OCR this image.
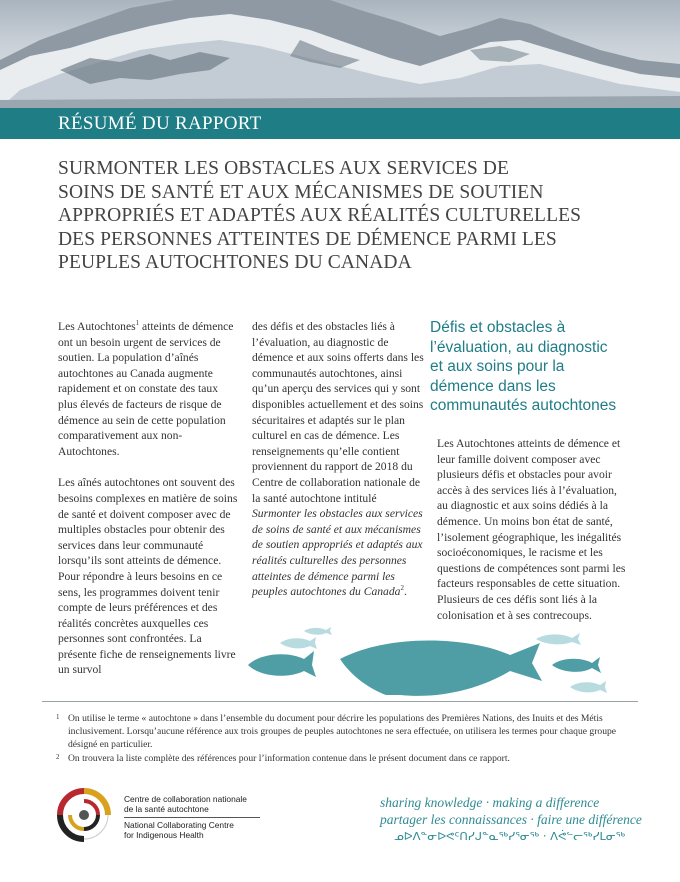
RÉSUMÉ DU RAPPORT
SURMONTER LES OBSTACLES AUX SERVICES DE
SOINS DE SANTÉ ET AUX MÉCANISMES DE SOUTIEN
APPROPRIÉS ET ADAPTÉS AUX RÉALITÉS CULTURELLES
DES PERSONNES ATTEINTES DE DÉMENCE PARMI LES
PEUPLES AUTOCHTONES DU CANADA

Les Autochtones$^1$ atteints de démence ont un besoin urgent de services de soutien. La population d’aînés autochtones au Canada augmente rapidement et on constate des taux plus élevés de facteurs de risque de démence au sein de cette population comparativement aux non-Autochtones.

Les aînés autochtones ont souvent des besoins complexes en matière de soins de santé et doivent composer avec de multiples obstacles pour obtenir des services dans leur communauté lorsqu’ils sont atteints de démence. Pour répondre à leurs besoins en ce sens, les programmes doivent tenir compte de leurs préférences et des réalités concrètes auxquelles ces personnes sont confrontées. La présente fiche de renseignements livre un survol

des défis et des obstacles liés à l’évaluation, au diagnostic de démence et aux soins offerts dans les communautés autochtones, ainsi qu’un aperçu des services qui y sont disponibles actuellement et des soins sécuritaires et adaptés sur le plan culturel en cas de démence. Les renseignements qu’elle contient proviennent du rapport de 2018 du Centre de collaboration nationale de la santé autochtone intitulé Surmonter les obstacles aux services de soins de santé et aux mécanismes de soutien appropriés et adaptés aux réalités culturelles des personnes atteintes de démence parmi les peuples autochtones du Canada$^2$.

Défis et obstacles à
l’évaluation, au diagnostic
et aux soins pour la
démence dans les
communautés autochtones

Les Autochtones atteints de démence et leur famille doivent composer avec plusieurs défis et obstacles pour avoir accès à des services liés à l’évaluation, au diagnostic et aux soins dédiés à la démence. Un moins bon état de santé, l’isolement géographique, les inégalités socioéconomiques, le racisme et les questions de compétences sont parmi les facteurs responsables de cette situation. Plusieurs de ces défis sont liés à la colonisation et à ses contrecoups.

1 On utilise le terme « autochtone » dans l’ensemble du document pour décrire les populations des Premières Nations, des Inuits et des Métis inclusivement. Lorsqu’aucune référence aux trois groupes de peuples autochtones ne sera effectuée, on utilisera les termes pour chaque groupe désigné en particulier.
2 On trouvera la liste complète des références pour l’information contenue dans le présent document dans ce rapport.
Centre de collaboration nationale
de la santé autochtone
National Collaborating Centre
for Indigenous Health
sharing knowledge · making a difference
partager les connaissances · faire une différence
ᓄᐅᐱᓐᓂᐅᕙᑦᑎᓯᒍᓐᓇᖅᓯᕐᓂᖅ · ᐱᕚᓪᓕᖅᓯᒪᓂᖅ
